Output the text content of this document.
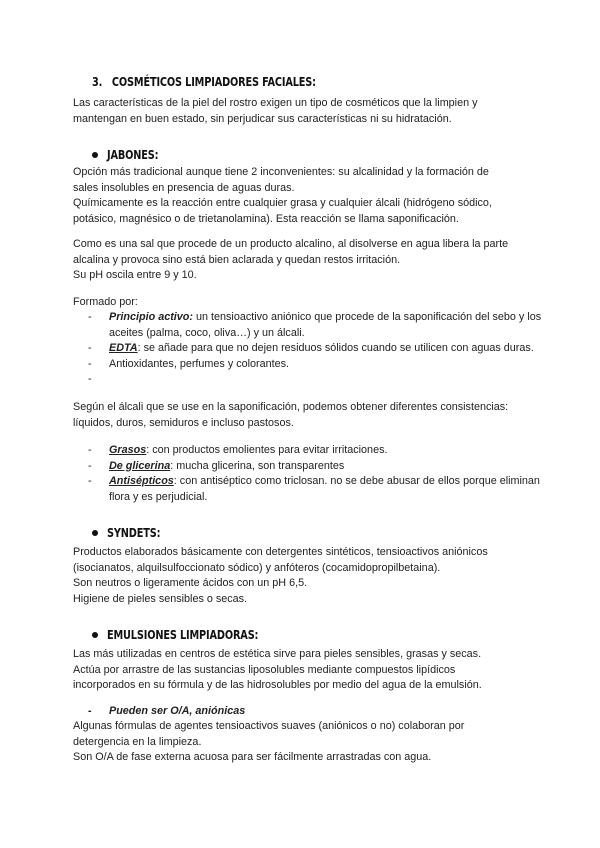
3. COSMÉTICOS LIMPIADORES FACIALES:

Las características de la piel del rostro exigen un tipo de cosméticos que la limpien y

mantengan en buen estado, sin perjudicar sus características ni su hidratación.

JABONES:

Opción más tradicional aunque tiene 2 inconvenientes: su alcalinidad y la formación de

sales insolubles en presencia de aguas duras.

Químicamente es la reacción entre cualquier grasa y cualquier álcali (hidrógeno sódico,

potásico, magnésico o de trietanolamina). Esta reacción se llama saponificación.

Como es una sal que procede de un producto alcalino, al disolverse en agua libera la parte

alcalina y provoca sino está bien aclarada y quedan restos irritación.

Su pH oscila entre 9 y 10.

Formado por:

- Principio activo: un tensioactivo aniónico que procede de la saponificación del sebo y los aceites (palma, coco, oliva…) y un álcali.
- EDTA: se añade para que no dejen residuos sólidos cuando se utilicen con aguas duras.
- Antioxidantes, perfumes y colorantes.
-

Según el álcali que se use en la saponificación, podemos obtener diferentes consistencias:

líquidos, duros, semiduros e incluso pastosos.

- Grasos: con productos emolientes para evitar irritaciones.
- De glicerina: mucha glicerina, son transparentes
- Antisépticos: con antiséptico como triclosan. no se debe abusar de ellos porque eliminan flora y es perjudicial.
SYNDETS:

Productos elaborados básicamente con detergentes sintéticos, tensioactivos aniónicos

(isocianatos, alquilsulfoccionato sódico) y anfóteros (cocamidopropilbetaina).

Son neutros o ligeramente ácidos con un pH 6,5.

Higiene de pieles sensibles o secas.

EMULSIONES LIMPIADORAS:

Las más utilizadas en centros de estética sirve para pieles sensibles, grasas y secas.

Actúa por arrastre de las sustancias liposolubles mediante compuestos lipídicos

incorporados en su fórmula y de las hidrosolubles por medio del agua de la emulsión.

- Pueden ser O/A, aniónicas

Algunas fórmulas de agentes tensioactivos suaves (aniónicos o no) colaboran por

detergencia en la limpieza.

Son O/A de fase externa acuosa para ser fácilmente arrastradas con agua.
